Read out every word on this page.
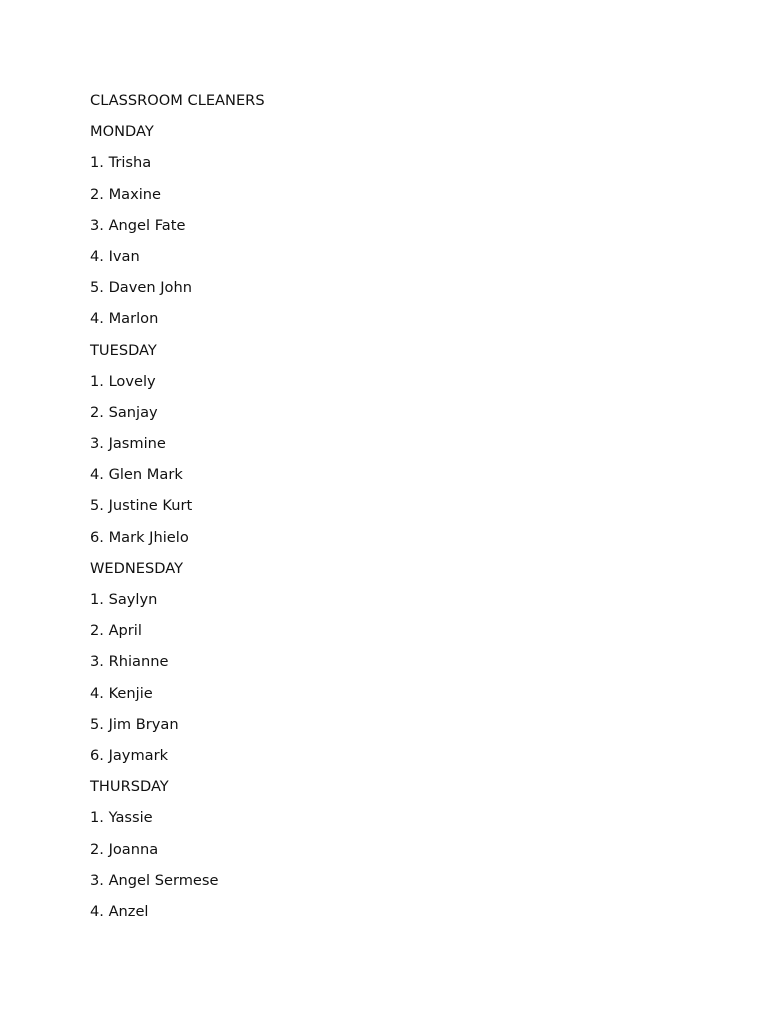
CLASSROOM CLEANERS
MONDAY
1. Trisha
2. Maxine
3. Angel Fate
4. Ivan
5. Daven John
4. Marlon
TUESDAY
1. Lovely
2. Sanjay
3. Jasmine
4. Glen Mark
5. Justine Kurt
6. Mark Jhielo
WEDNESDAY
1. Saylyn
2. April
3. Rhianne
4. Kenjie
5. Jim Bryan
6. Jaymark
THURSDAY
1. Yassie
2. Joanna
3. Angel Sermese
4. Anzel
